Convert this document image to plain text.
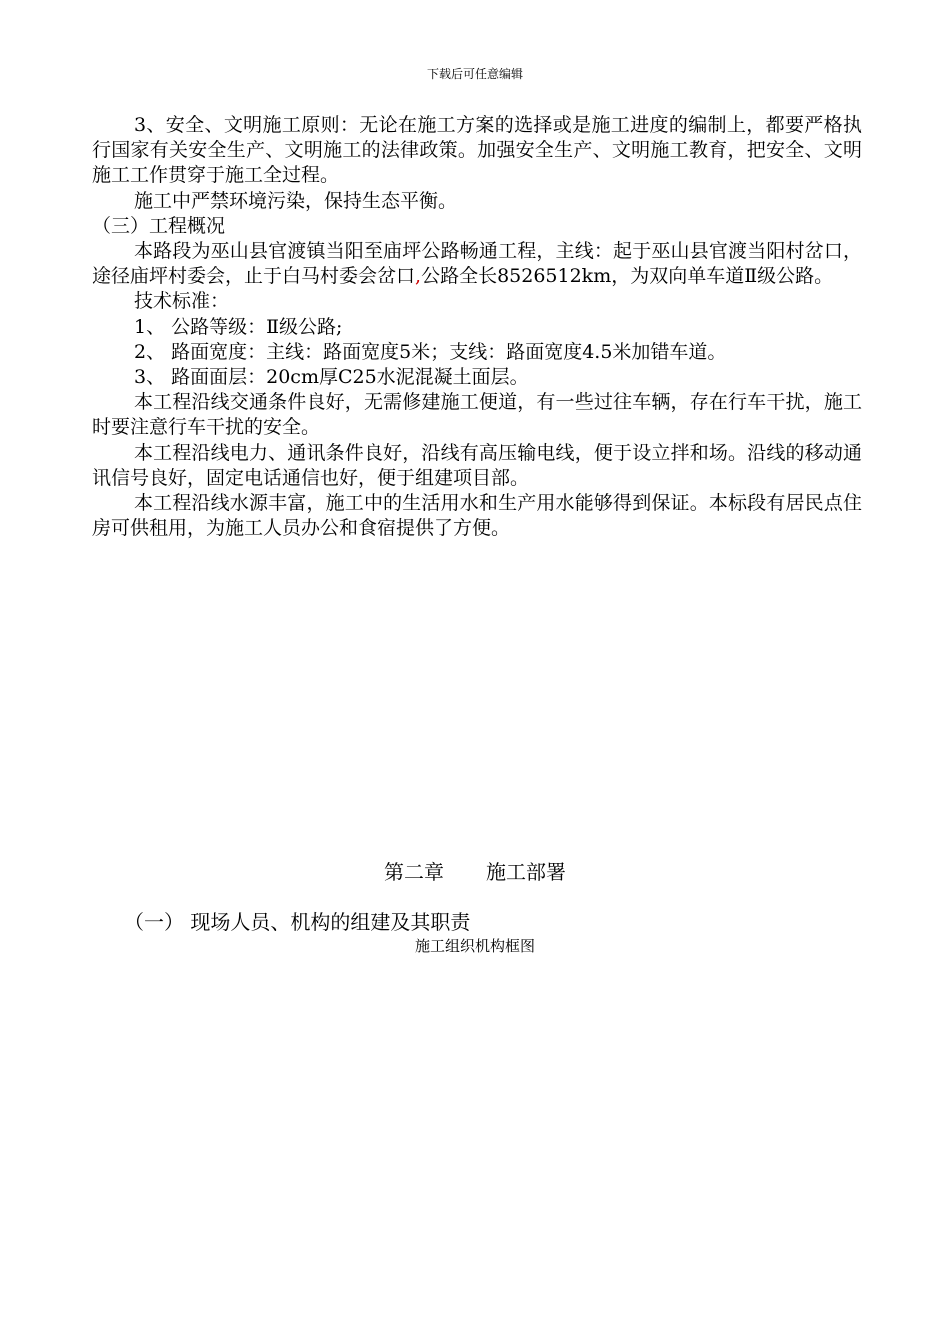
下载后可任意编辑

3、安全、文明施工原则：无论在施工方案的选择或是施工进度的编制上，都要严格执行国家有关安全生产、文明施工的法律政策。加强安全生产、文明施工教育，把安全、文明施工工作贯穿于施工全过程。

施工中严禁环境污染，保持生态平衡。

（三）工程概况

本路段为巫山县官渡镇当阳至庙坪公路畅通工程，主线：起于巫山县官渡当阳村岔口，途径庙坪村委会，止于白马村委会岔口,公路全长8526512km，为双向单车道Ⅱ级公路。

技术标准：

1、 公路等级：Ⅱ级公路;

2、 路面宽度：主线：路面宽度5米；支线：路面宽度4.5米加错车道。

3、 路面面层：20cm厚C25水泥混凝土面层。

本工程沿线交通条件良好，无需修建施工便道，有一些过往车辆，存在行车干扰，施工时要注意行车干扰的安全。

本工程沿线电力、通讯条件良好，沿线有高压输电线，便于设立拌和场。沿线的移动通讯信号良好，固定电话通信也好，便于组建项目部。

本工程沿线水源丰富，施工中的生活用水和生产用水能够得到保证。本标段有居民点住房可供租用，为施工人员办公和食宿提供了方便。

第二章 施工部署
（一） 现场人员、机构的组建及其职责
施工组织机构框图
